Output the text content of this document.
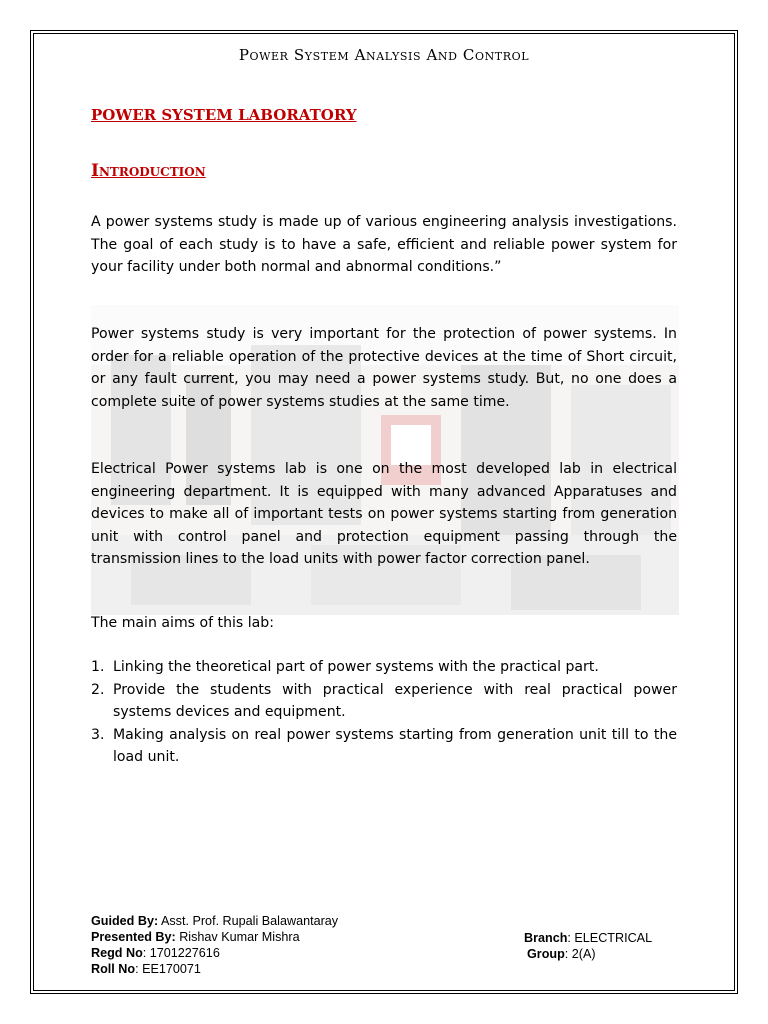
Power System Analysis And Control
POWER SYSTEM LABORATORY
Introduction

A power systems study is made up of various engineering analysis investigations. The goal of each study is to have a safe, efficient and reliable power system for your facility under both normal and abnormal conditions.”

Power systems study is very important for the protection of power systems. In order for a reliable operation of the protective devices at the time of Short circuit, or any fault current, you may need a power systems study. But, no one does a complete suite of power systems studies at the same time.

Electrical Power systems lab is one on the most developed lab in electrical engineering department. It is equipped with many advanced Apparatuses and devices to make all of important tests on power systems starting from generation unit with control panel and protection equipment passing through the transmission lines to the load units with power factor correction panel.

The main aims of this lab:
1. Linking the theoretical part of power systems with the practical part.
2. Provide the students with practical experience with real practical power systems devices and equipment.
3. Making analysis on real power systems starting from generation unit till to the load unit.
Guided By: Asst. Prof. Rupali Balawantaray
Presented By: Rishav Kumar Mishra
Regd No: 1701227616
Roll No: EE170071
Branch: ELECTRICAL
Group: 2(A)
